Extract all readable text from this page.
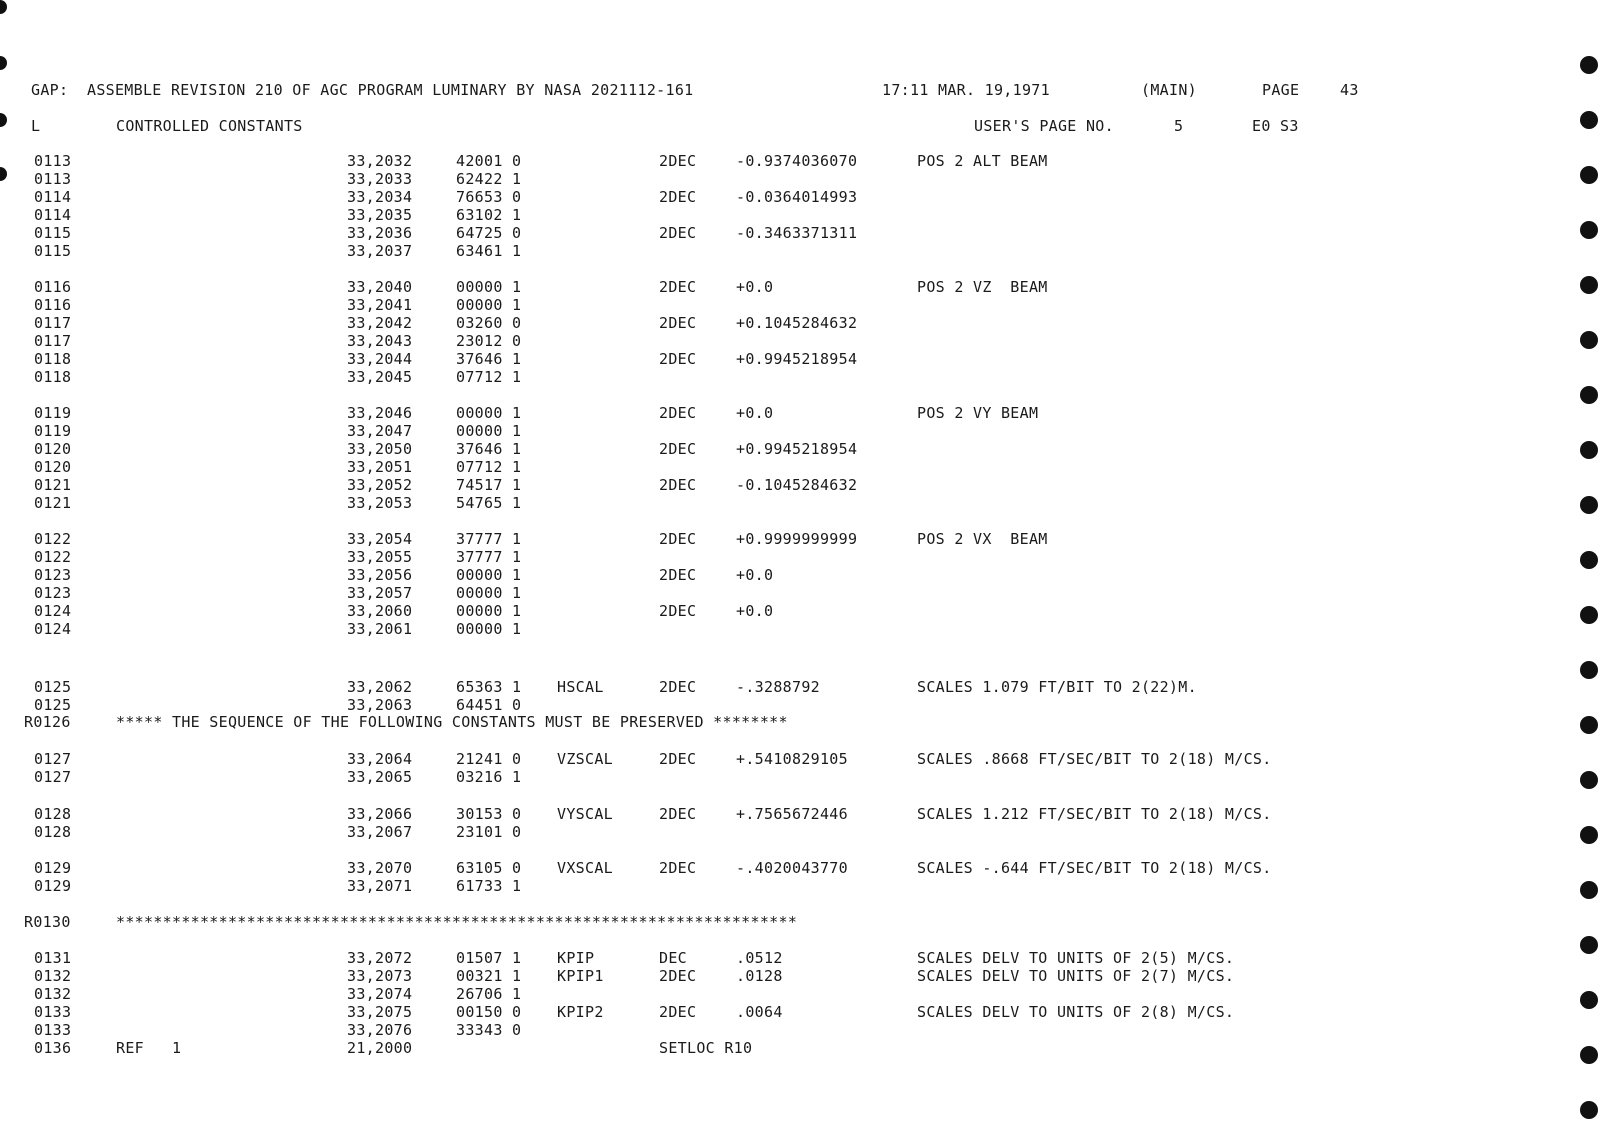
GAP:  ASSEMBLE REVISION 210 OF AGC PROGRAM LUMINARY BY NASA 2021112-161

	17:11 MAR. 19,1971

	(MAIN)

	PAGE

	43

L

	CONTROLLED CONSTANTS

	USER'S PAGE NO.

	5

	E0 S3

0113	33,2032	42001 0	2DEC	-0.9374036070	POS 2 ALT BEAM
0113	33,2033	62422 1
0114	33,2034	76653 0	2DEC	-0.0364014993
0114	33,2035	63102 1
0115	33,2036	64725 0	2DEC	-0.3463371311
0115	33,2037	63461 1
0116	33,2040	00000 1	2DEC	+0.0	POS 2 VZ  BEAM
0116	33,2041	00000 1
0117	33,2042	03260 0	2DEC	+0.1045284632
0117	33,2043	23012 0
0118	33,2044	37646 1	2DEC	+0.9945218954
0118	33,2045	07712 1
0119	33,2046	00000 1	2DEC	+0.0	POS 2 VY BEAM
0119	33,2047	00000 1
0120	33,2050	37646 1	2DEC	+0.9945218954
0120	33,2051	07712 1
0121	33,2052	74517 1	2DEC	-0.1045284632
0121	33,2053	54765 1
0122	33,2054	37777 1	2DEC	+0.9999999999	POS 2 VX  BEAM
0122	33,2055	37777 1
0123	33,2056	00000 1	2DEC	+0.0
0123	33,2057	00000 1
0124	33,2060	00000 1	2DEC	+0.0
0124	33,2061	00000 1
0125	33,2062	65363 1 HSCAL	2DEC	-.3288792	SCALES 1.079 FT/BIT TO 2(22)M.
0125	33,2063	64451 0
R0126	***** THE SEQUENCE OF THE FOLLOWING CONSTANTS MUST BE PRESERVED ********
0127	33,2064	21241 0 VZSCAL	2DEC	+.5410829105	SCALES .8668 FT/SEC/BIT TO 2(18) M/CS.
0127	33,2065	03216 1
0128	33,2066	30153 0 VYSCAL	2DEC	+.7565672446	SCALES 1.212 FT/SEC/BIT TO 2(18) M/CS.
0128	33,2067	23101 0
0129	33,2070	63105 0 VXSCAL	2DEC	-.4020043770	SCALES -.644 FT/SEC/BIT TO 2(18) M/CS.
0129	33,2071	61733 1
R0130	*************************************************************************
0131	33,2072	01507 1 KPIP	DEC	.0512	SCALES DELV TO UNITS OF 2(5) M/CS.
0132	33,2073	00321 1 KPIP1	2DEC	.0128	SCALES DELV TO UNITS OF 2(7) M/CS.
0132	33,2074	26706 1
0133	33,2075	00150 0 KPIP2	2DEC	.0064	SCALES DELV TO UNITS OF 2(8) M/CS.
0133	33,2076	33343 0
0136	REF   1	21,2000	SETLOC R10
